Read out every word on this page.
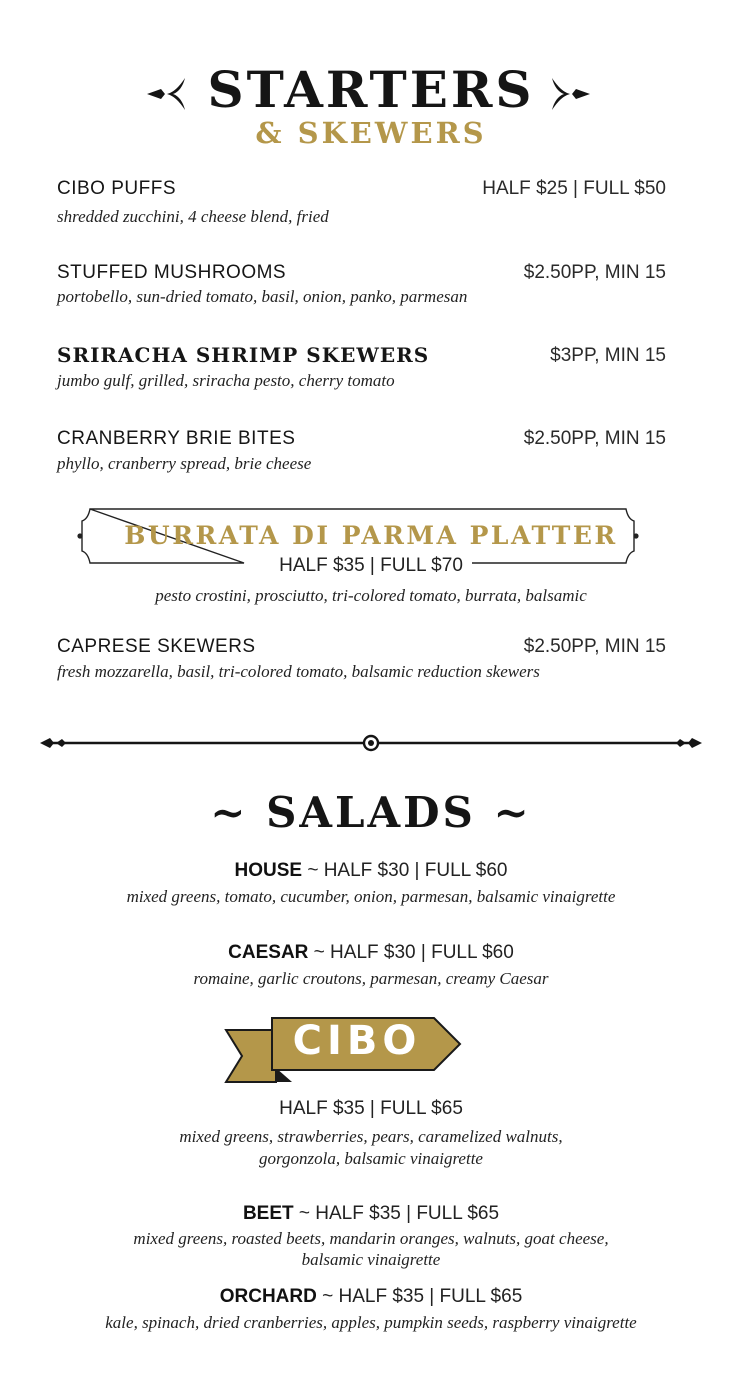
STARTERS
& SKEWERS
CIBO PUFFS	HALF $25 | FULL $50
shredded zucchini, 4 cheese blend, fried
STUFFED MUSHROOMS	$2.50PP, MIN 15
portobello, sun-dried tomato, basil, onion, panko, parmesan
SRIRACHA SHRIMP SKEWERS	$3PP, MIN 15
jumbo gulf, grilled, sriracha pesto, cherry tomato
CRANBERRY BRIE BITES	$2.50PP, MIN 15
phyllo, cranberry spread, brie cheese
BURRATA DI PARMA PLATTER
HALF $35 | FULL $70
pesto crostini, prosciutto, tri-colored tomato, burrata, balsamic
CAPRESE SKEWERS	$2.50PP, MIN 15
fresh mozzarella, basil, tri-colored tomato, balsamic reduction skewers
~ SALADS ~
HOUSE ~ HALF $30 | FULL $60
mixed greens, tomato, cucumber, onion, parmesan, balsamic vinaigrette
CAESAR ~ HALF $30 | FULL $60
romaine, garlic croutons, parmesan, creamy Caesar
CIBO
HALF $35 | FULL $65
mixed greens, strawberries, pears, caramelized walnuts,
gorgonzola, balsamic vinaigrette
BEET ~ HALF $35 | FULL $65
mixed greens, roasted beets, mandarin oranges, walnuts, goat cheese,
balsamic vinaigrette
ORCHARD ~ HALF $35 | FULL $65
kale, spinach, dried cranberries, apples, pumpkin seeds, raspberry vinaigrette
